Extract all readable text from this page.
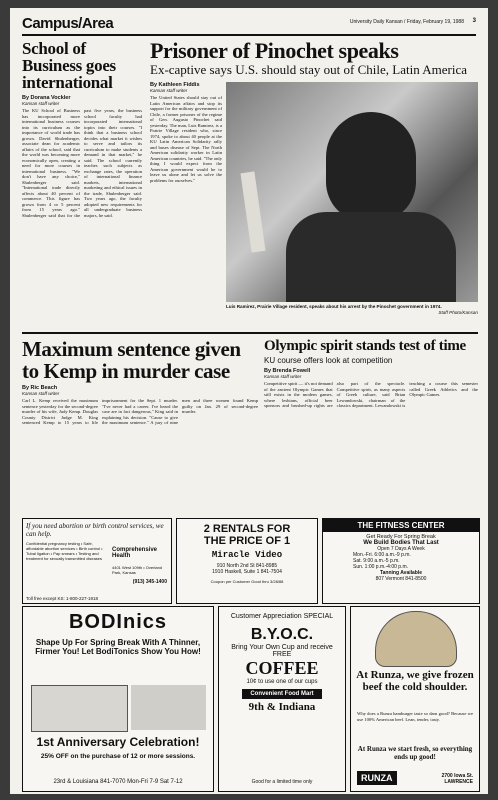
Campus/Area	University Daily Kansan / Friday, February 19, 1988 3
School of Business goes international
By Dorana Vockler
Kansan staff writer
The KU School of Business has incorporated more international business courses into its curriculum as the importance of world trade has grown. David Shulenberger, associate dean for academic affairs of the school, said that the world was becoming more economically open, creating a need for more courses in international business. "We don't have any choice," Shulenberger said. "International trade directly affects about 40 percent of commerce. This figure has grown from 4 or 5 percent from 15 years ago." Shulenberger said that for the past five years, the business school faculty had incorporated international topics into their courses. "I think that a business school decides what market it wishes to serve and tailors its curriculum to make students a demand in that market," he said. The school currently teaches such subjects as exchange rates, the operation of international finance markets, international marketing and ethical issues in the trade, Shulenberger said. Two years ago, the faculty adopted new requirements for all undergraduate business majors, he said.
Prisoner of Pinochet speaks
Ex-captive says U.S. should stay out of Chile, Latin America
By Kathleen Fiddis
Kansan staff writer
The United States should stay out of Latin American affairs and stop its support for the military government of Chile, a former prisoner of the regime of Gen. Augusto Pinochet said yesterday. The man, Luis Ramirez, is a Prairie Village resident who, since 1974, spoke to about 40 people at the KU Latin American Solidarity rally and buses disease of Sept. The North American solidarity worker in Latin American countries, he said. "The only thing I would expect from the American government would be to leave us alone and let us solve the problems for ourselves."
Luis Ramirez, Prairie Village resident, speaks about his arrest by the Pinochet government in 1974.
Staff Photo/Kansan
Maximum sentence given to Kemp in murder case
By Ric Beach
Kansan staff writer
Carl L. Kemp received the maximum sentence yesterday for the second-degree murder of his wife, Judy Kemp. Douglas County District Judge M. King sentenced Kemp to 15 years to life imprisonment for the Sept. 1 murder. "I've never had a career. I've heard the case are in fact dangerous," King said in explaining his decision. "Cause to give the maximum sentence." A jury of nine men and three women found Kemp guilty on Jan. 29 of second-degree murder.
Olympic spirit stands test of time
KU course offers look at competition
By Brenda Fowell
Kansan staff writer
Competitive spirit — it's not demand of the ancient Olympic Games that still exists in the modern games, where lesbians, official beer sponsors and brushed-up rights are also part of the spectacle. Competitive spirit, as many aspects of Greek culture, said Brian Lewandowski, chairman of the classics department. Lewandowski is teaching a course this semester called Greek Athletics and the Olympic Games.
If you need abortion or birth control services, we can help.
Confidential pregnancy testing • Safe, affordable abortion services • Birth control • Tubal ligation • Pap smears • Testing and treatment for sexually transmitted diseases
Comprehensive Health
4401 West 109th • Overland Park, Kansas
(913) 345-1400
Toll free except KS: 1-800-227-1918
2 RENTALS FOR
THE PRICE OF 1
Miracle Video
910 North 2nd St 841-8985
1910 Haskell, Suite 1 841-7504
Coupon per Customer Good thru 3/28/88
THE FITNESS CENTER
Get Ready For Spring Break
We Build Bodies That Last
Open 7 Days A Week
Mon.-Fri. 6:00 a.m.-9 p.m.
Sat. 9:00 a.m.-5 p.m.
Sun. 1:00 p.m.-4:00 p.m.
Tanning Available
807 Vermont 841-8500
BODInics
Shape Up For Spring Break With A Thinner, Firmer You! Let BodiTonics Show You How!
1st Anniversary Celebration!
25% OFF on the purchase of 12 or more sessions.
23rd & Louisiana 841-7070 Mon-Fri 7-9 Sat 7-12
Customer Appreciation SPECIAL
B.Y.O.C.
Bring Your Own Cup and receive FREE
COFFEE
10¢ to use one of our cups
Convenient Food Mart
9th & Indiana
Good for a limited time only
At Runza, we give frozen beef the cold shoulder.
Why does a Runza hamburger taste so darn good? Because we use 100% American beef. Lean, tender, tasty.
At Runza we start fresh, so everything ends up good!
RUNZA	2700 Iowa St. LAWRENCE
